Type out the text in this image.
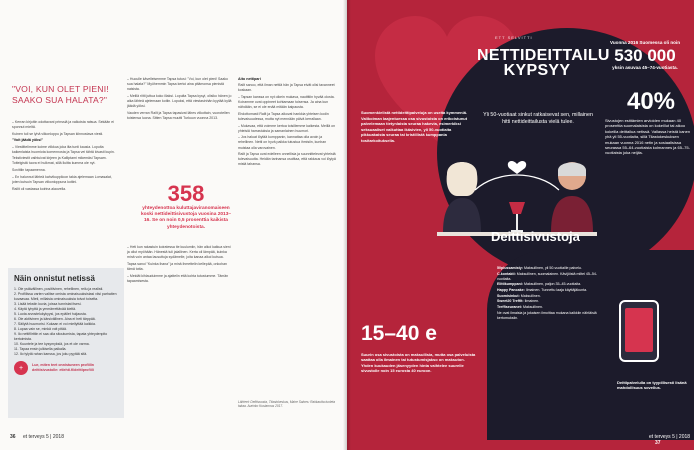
"VOI, KUN OLET PIENI! SAAKO SUA HALATA?"

– Kerran kirjoitin odottavani prinssiä ja valkoista ratsua. Sekään ei sponnut mieltä.

Kuinen tuli se lyhä viikonloppu ja Tapsan kiinnostava viesti.

"Voit jäädä yöksi"

– Viestittelimme koime viikkoa joka ilta tunti kausia. Lopulta kaikenlaista huomiota komennosta ja Tapsa vei tähtä kivasti kupin.

Tekstiviestit vaihtuivat kirjeen ja Kalliptami mikemäsi Tapsam. Tottelgistä tuora ei hulkmat, sillä lluitta kumma ole nyt.

Sovittiin tapaamenna.

– En halunnut lähteä kahvikuppiloon takia ajelemaan Lomasalat, joten kutsuin Tapsan viikonloppuna kotiini.

Railit oli vastassa koirina alaovella.

– Huoulle kävelleisemme Tapsa tutusi: "Voi, kun olet pieni! Saako sua halata?" Myöhemmin Tapsa kertoi aina pitämonsa pienistä naisista.

– Meillä riitti juttua koko illaksi. Lopulta Tapsa kysyi, olisiko hänen jo aika lähteä ajelemaan kotiin. Lopuksi, että viestasinhän kyytää kyllä jäädä yöksi.

Vauden verran Railt ja Tapsa tapasivat lähes viikottain, vuorotellen toistensa luona. Sitten Tapsa muutti Turkuun vuonna 2013.

358
yhteydenottoa kuluttajaviranomaiseen koski nettideittisivustoja vuosina 2013–16. Se on noin 0,5 prosenttia kaikista yhteydenotoista.

– Heti kun rakastuin koiratessa tie kuulumiin, hän alkoi kaikua sieni ja ollut myöhään. Hänestä tuli jalallinen. Kerta oli lämpää, kuinka minä voin antaa lausuttuja sydämelle, joita kanaa alkoi kutsua.

Tapsa sanoi "Kuinka ihana" ja minä ihmettelin kellepää, onkohan tämä totta.

– Meidät kihlauduimme ja ajattelin että kohta tutustumme. Tämän tapaamisesta.

Aito nettipari

Railt sanoo, että ilman nettiä hän ja Tapsa eivät olisi tavanneet koskaan.

– Tapsan kanssa on nyt oikein mukava, nautittiin hyvää olosta. Koiramme ovat oppineet kohtamaan toisensa. Ja aina kun nähdään, se ei ole enää mitään kaipausta.

Ehdottomasti Railt ja Tapsa aikovat hankkia yhteisen kodin tulevaisuudessa, mutta nyt mennään päivä kerrallaan.

– Mukavaa, että voimme kertoa toisillemme kaikesta. Meillä on yhteisiä harrastuksia ja samanlainen huumori.

– Jos haluat löytää kumppanin, kannattaa olla avoin ja rehellinen. Netti on hyvä paikka tutustua ihmisiin, kunhan muistaa olla varovainen.

Railt ja Tapsa ovat edelleen onnellisia ja suunnittelevat yhteistä tulevaisuutta. Heidän tarinansa osoittaa, että rakkaus voi löytyä mistä tahansa.

Näin onnistut netissä
1. Ole ystävällinen, positiivinen, rehellinen, reilu ja realisti.
2. Profiilissa varten valitse omista ominaisuuksistasi viisi parhaiten kuvaavaa. Mieti, millaisia ominaisuuksia toivot toiselta.
3. Lisää tekstin kuvia, joissa tunnistat itsesi.
4. Käytä lyhyttä ja ymmärrettävää kieltä.
5. Luota arvostelukykyysi, jos epäilet huijausta.
6. Ole aktiivinen ja kärsivällinen. Aina ei heti tärppää.
7. Säilytä huumorisi. Kukaan ei voi miellyttää kaikkia.
8. Lupaa vain se, minkä voit pitää.
9. Ilo nettiflirttiin ei saa olla sitoutumista, tapata yhteydenpito kertoimista.
10. Kuuntele ja tee kysymyksiä, jos et ole varma.
11. Tapaa ensin julkisella paikalla.
12. Ilo tylytä rahan kanssa, jos joku pyytää sitä.
+	Lue, miten teet onnistuneen profiilin deittisivustolle: etlehti.fi/deittiprofiili
Lähteet: Deittivuosta, Tilastokeskus, Maire Saloes: Rakkautta tuoleta takaa. Aurinko Kustannus 2017.
36 et terveys 5 | 2018
ETT SELVITTI
NETTIDEITTAILU KYPSYY
Yli 50-vuotiaat sinkut ratkaisevat sen, millainen hitti nettideittailusta vielä tulee.
Suomenkielistä nettideittipalveluja on useita kymmeniä. Valikoiman laajentuessa osa sivustoista on erikoistunut palvelemaan tietynlaista seuraa hakevia, esimerkiksi seksuaaliset vaikuttaa ikäsivien, yli 50-vuotiaita pikkuakaista seuraa tai kristillistä kumppania tositarkoituksella.
Vuonna 2016 Suomessa oli noin
530 000
yksin asuvaa 45–74-vuotiasta.
40%
Sivustojen esittämien arvioiden mukaan 40 prosenttia suomalaisista on kokeillut tai aikoo kokeilla deittailua netissä. Vallassa heistä kanen yhä yli 55-vuotiaita, sillä Tilastokeskuksen mukaan vuonna 2016 netin ja sosiaalisissa seurassa 55–64-vuotiaista kolmannes ja 65–75-vuotiaista joka neljäs.
Deittisivustoja

50plussamisty: Maksullinen, yli 50-vuotiaille palvelu.

C-kontakti: Maksullinen, suomalainen. Kävijöistä miltei 45–54-vuotiaita.

Elittikumppani: Maksullinen, paljon 35–45-vuotiaita.

Happy Pancake: Ilmainen. Tunnettu laaja käyttäjäkunta.

Suomisinkut: Maksullinen.

Sweet20 Treffit: Ilmainen.

Treffiseuranet: Maksullinen.

Ne ovat ilmaisia ja jokaisen ilmoittaa mukana kaikkiin nähtäisiä kertomuksiin.

15–40 e
Suurin osa sivustoista on maksullisia, mutta osa palveluista saattaa olla ilmainen tai tutustumisjakso on maksuton. Yhden kuukauden jäsenyyden hinta vaihtelee suurelle sivustolle noin 15 eurosta 40 euroon.
Deittipalvelulla on tyypillisesti lisänä mahdollisuus sovellus.
et terveys 5 | 2018 37
